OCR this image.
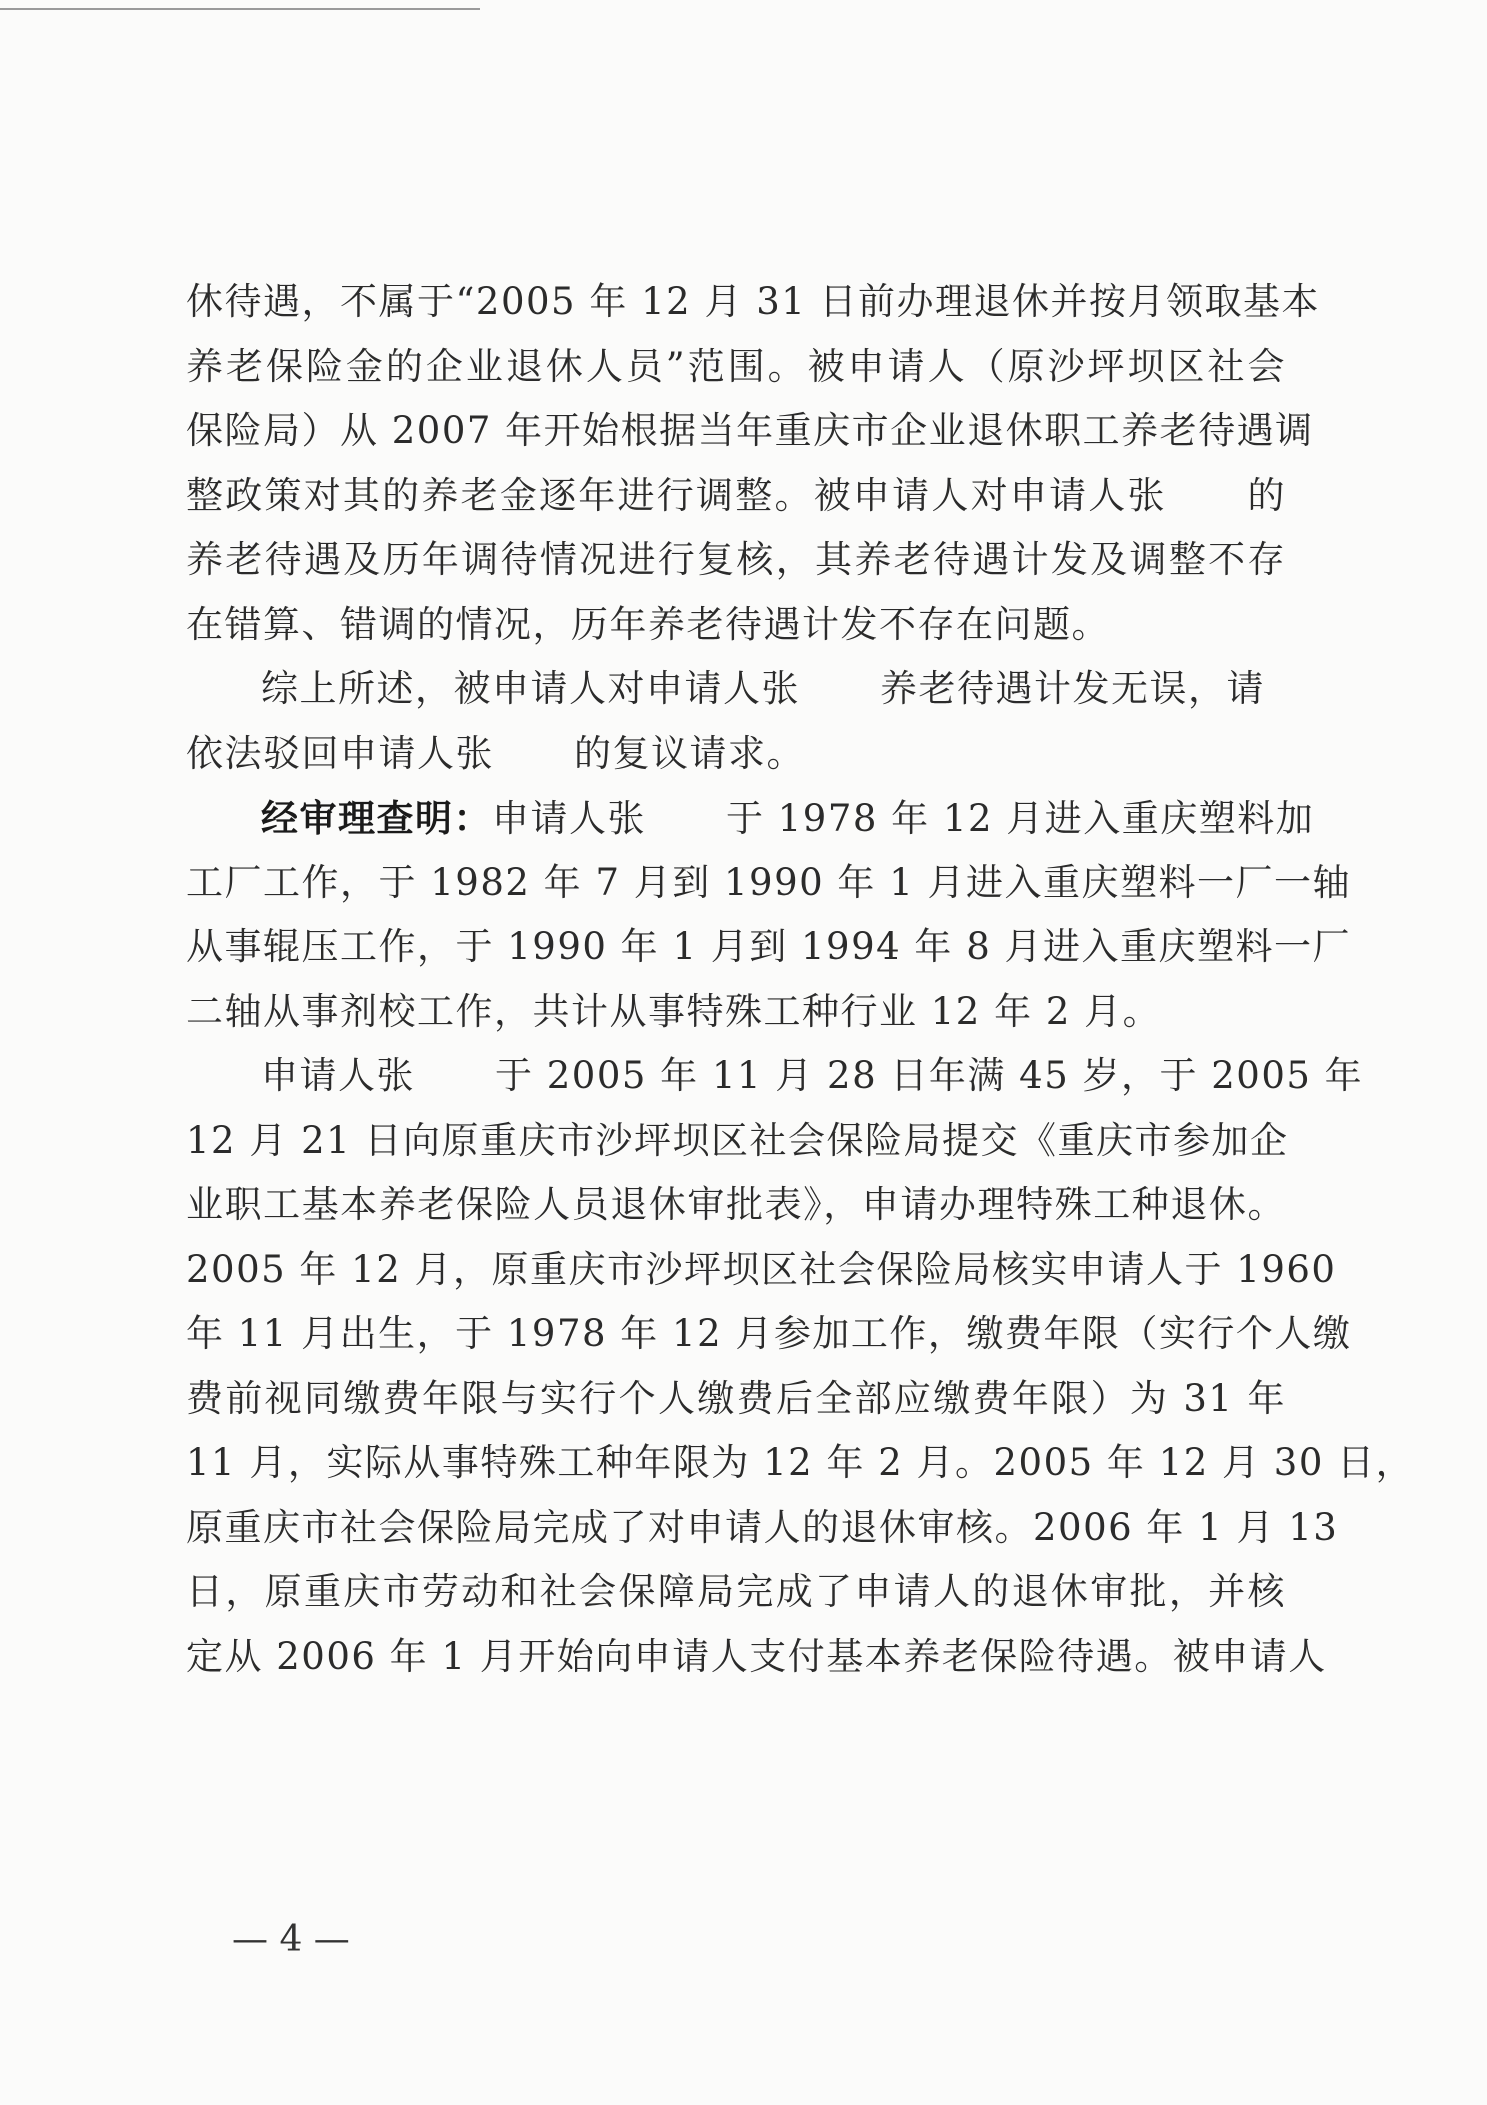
休待遇，不属于“2005 年 12 月 31 日前办理退休并按月领取基本
养老保险金的企业退休人员”范围。被申请人（原沙坪坝区社会
保险局）从 2007 年开始根据当年重庆市企业退休职工养老待遇调
整政策对其的养老金逐年进行调整。被申请人对申请人张 的
养老待遇及历年调待情况进行复核，其养老待遇计发及调整不存
在错算、错调的情况，历年养老待遇计发不存在问题。
综上所述，被申请人对申请人张 养老待遇计发无误，请
依法驳回申请人张 的复议请求。
经审理查明：申请人张 于 1978 年 12 月进入重庆塑料加
工厂工作，于 1982 年 7 月到 1990 年 1 月进入重庆塑料一厂一轴
从事辊压工作，于 1990 年 1 月到 1994 年 8 月进入重庆塑料一厂
二轴从事剂校工作，共计从事特殊工种行业 12 年 2 月。
申请人张 于 2005 年 11 月 28 日年满 45 岁，于 2005 年
12 月 21 日向原重庆市沙坪坝区社会保险局提交《重庆市参加企
业职工基本养老保险人员退休审批表》，申请办理特殊工种退休。
2005 年 12 月，原重庆市沙坪坝区社会保险局核实申请人于 1960
年 11 月出生，于 1978 年 12 月参加工作，缴费年限（实行个人缴
费前视同缴费年限与实行个人缴费后全部应缴费年限）为 31 年
11 月，实际从事特殊工种年限为 12 年 2 月。2005 年 12 月 30 日，
原重庆市社会保险局完成了对申请人的退休审核。2006 年 1 月 13
日，原重庆市劳动和社会保障局完成了申请人的退休审批，并核
定从 2006 年 1 月开始向申请人支付基本养老保险待遇。被申请人
— 4 —
